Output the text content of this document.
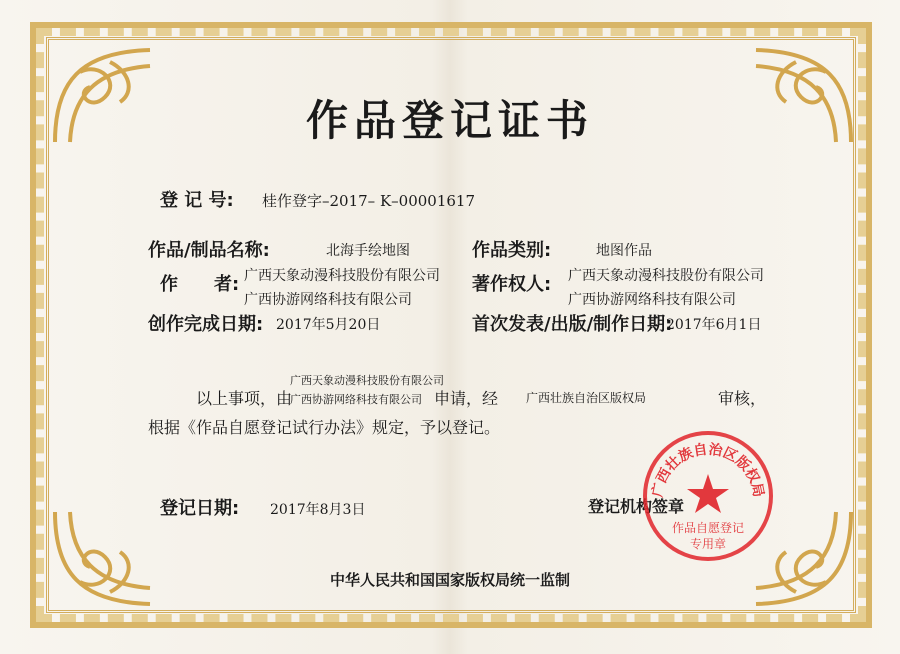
作品登记证书
登 记 号: 桂作登字–2017– K–00001617
作品/制品名称:	北海手绘地图	作品类别:	地图作品
作　　者: 广西天象动漫科技股份有限公司
广西协游网络科技有限公司
著作权人: 广西天象动漫科技股份有限公司
广西协游网络科技有限公司
创作完成日期: 2017年5月20日	首次发表/出版/制作日期:
2017年6月1日
广西天象动漫科技股份有限公司
以上事项，由
广西协游网络科技有限公司 申请，经 广西壮族自治区版权局	审核，
根据《作品自愿登记试行办法》规定，予以登记。
登记日期: 2017年8月3日	登记机构签章
广西壮族自治区版权局
作品自愿登记
专用章
中华人民共和国国家版权局统一监制
